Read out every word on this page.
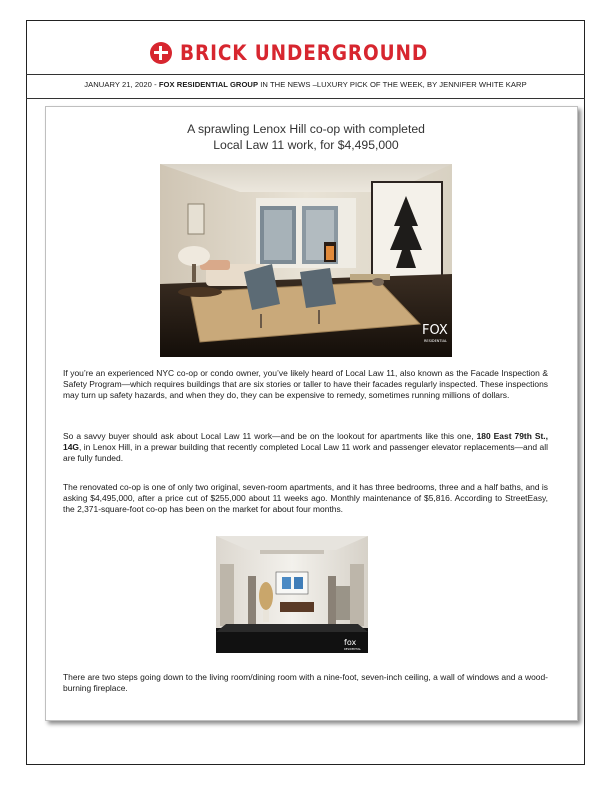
BRICK UNDERGROUND
JANUARY 21, 2020 - FOX RESIDENTIAL GROUP IN THE NEWS –LUXURY PICK OF THE WEEK, BY JENNIFER WHITE KARP
A sprawling Lenox Hill co-op with completed
Local Law 11 work, for $4,495,000
FOX
RESIDENTIAL
If you’re an experienced NYC co-op or condo owner, you’ve likely heard of Local Law 11, also known as the Facade Inspection & Safety Program—which requires buildings that are six stories or taller to have their facades regularly inspected. These inspections may turn up safety hazards, and when they do, they can be expensive to remedy, sometimes running millions of dollars.
So a savvy buyer should ask about Local Law 11 work—and be on the lookout for apartments like this one, 180 East 79th St., 14G, in Lenox Hill, in a prewar building that recently completed Local Law 11 work and passenger elevator replacements—and all are fully funded.
The renovated co-op is one of only two original, seven-room apartments, and it has three bedrooms, three and a half baths, and is asking $4,495,000, after a price cut of $255,000 about 11 weeks ago. Monthly maintenance of $5,816. According to StreetEasy, the 2,371-square-foot co-op has been on the market for about four months.
fox
RESIDENTIAL
There are two steps going down to the living room/dining room with a nine-foot, seven-inch ceiling, a wall of windows and a wood-burning fireplace.
